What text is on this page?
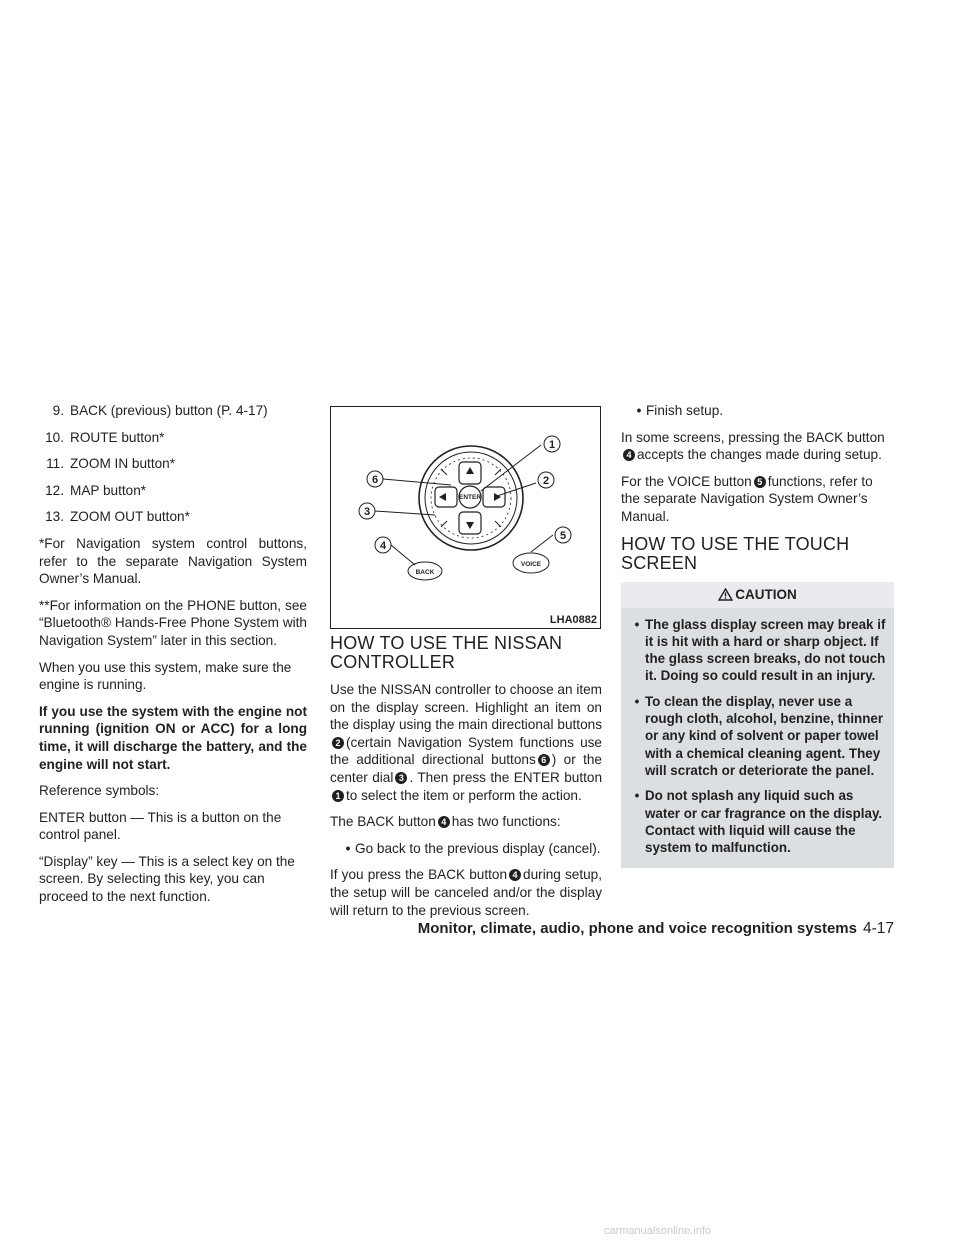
9. BACK (previous) button (P. 4-17)
10. ROUTE button*
11. ZOOM IN button*
12. MAP button*
13. ZOOM OUT button*

*For Navigation system control buttons, refer to the separate Navigation System Owner’s Manual.

**For information on the PHONE button, see “Bluetooth® Hands-Free Phone System with Navigation System” later in this section.

When you use this system, make sure the engine is running.

If you use the system with the engine not running (ignition ON or ACC) for a long time, it will discharge the battery, and the engine will not start.

Reference symbols:

ENTER button — This is a button on the control panel.

“Display” key — This is a select key on the screen. By selecting this key, you can proceed to the next function.

1
2
3
4
5
6
ENTER
BACK
VOICE
LHA0882
HOW TO USE THE NISSAN CONTROLLER

Use the NISSAN controller to choose an item on the display screen. Highlight an item on the display using the main directional buttons2 (certain Navigation System functions use the additional directional buttons 6 ) or the center dial 3 . Then press the ENTER button1 to select the item or perform the action.

The BACK button 4 has two functions:

• Go back to the previous display (cancel).

If you press the BACK button 4 during setup, the setup will be canceled and/or the display will return to the previous screen.

• Finish setup.

In some screens, pressing the BACK button4 accepts the changes made during setup.

For the VOICE button 5 functions, refer to the separate Navigation System Owner’s Manual.

HOW TO USE THE TOUCH SCREEN
CAUTION
• The glass display screen may break if it is hit with a hard or sharp object. If the glass screen breaks, do not touch it. Doing so could result in an injury.
• To clean the display, never use a rough cloth, alcohol, benzine, thinner or any kind of solvent or paper towel with a chemical cleaning agent. They will scratch or deteriorate the panel.
• Do not splash any liquid such as water or car fragrance on the display. Contact with liquid will cause the system to malfunction.
Monitor, climate, audio, phone and voice recognition systems 4-17
carmanualsonline.info
